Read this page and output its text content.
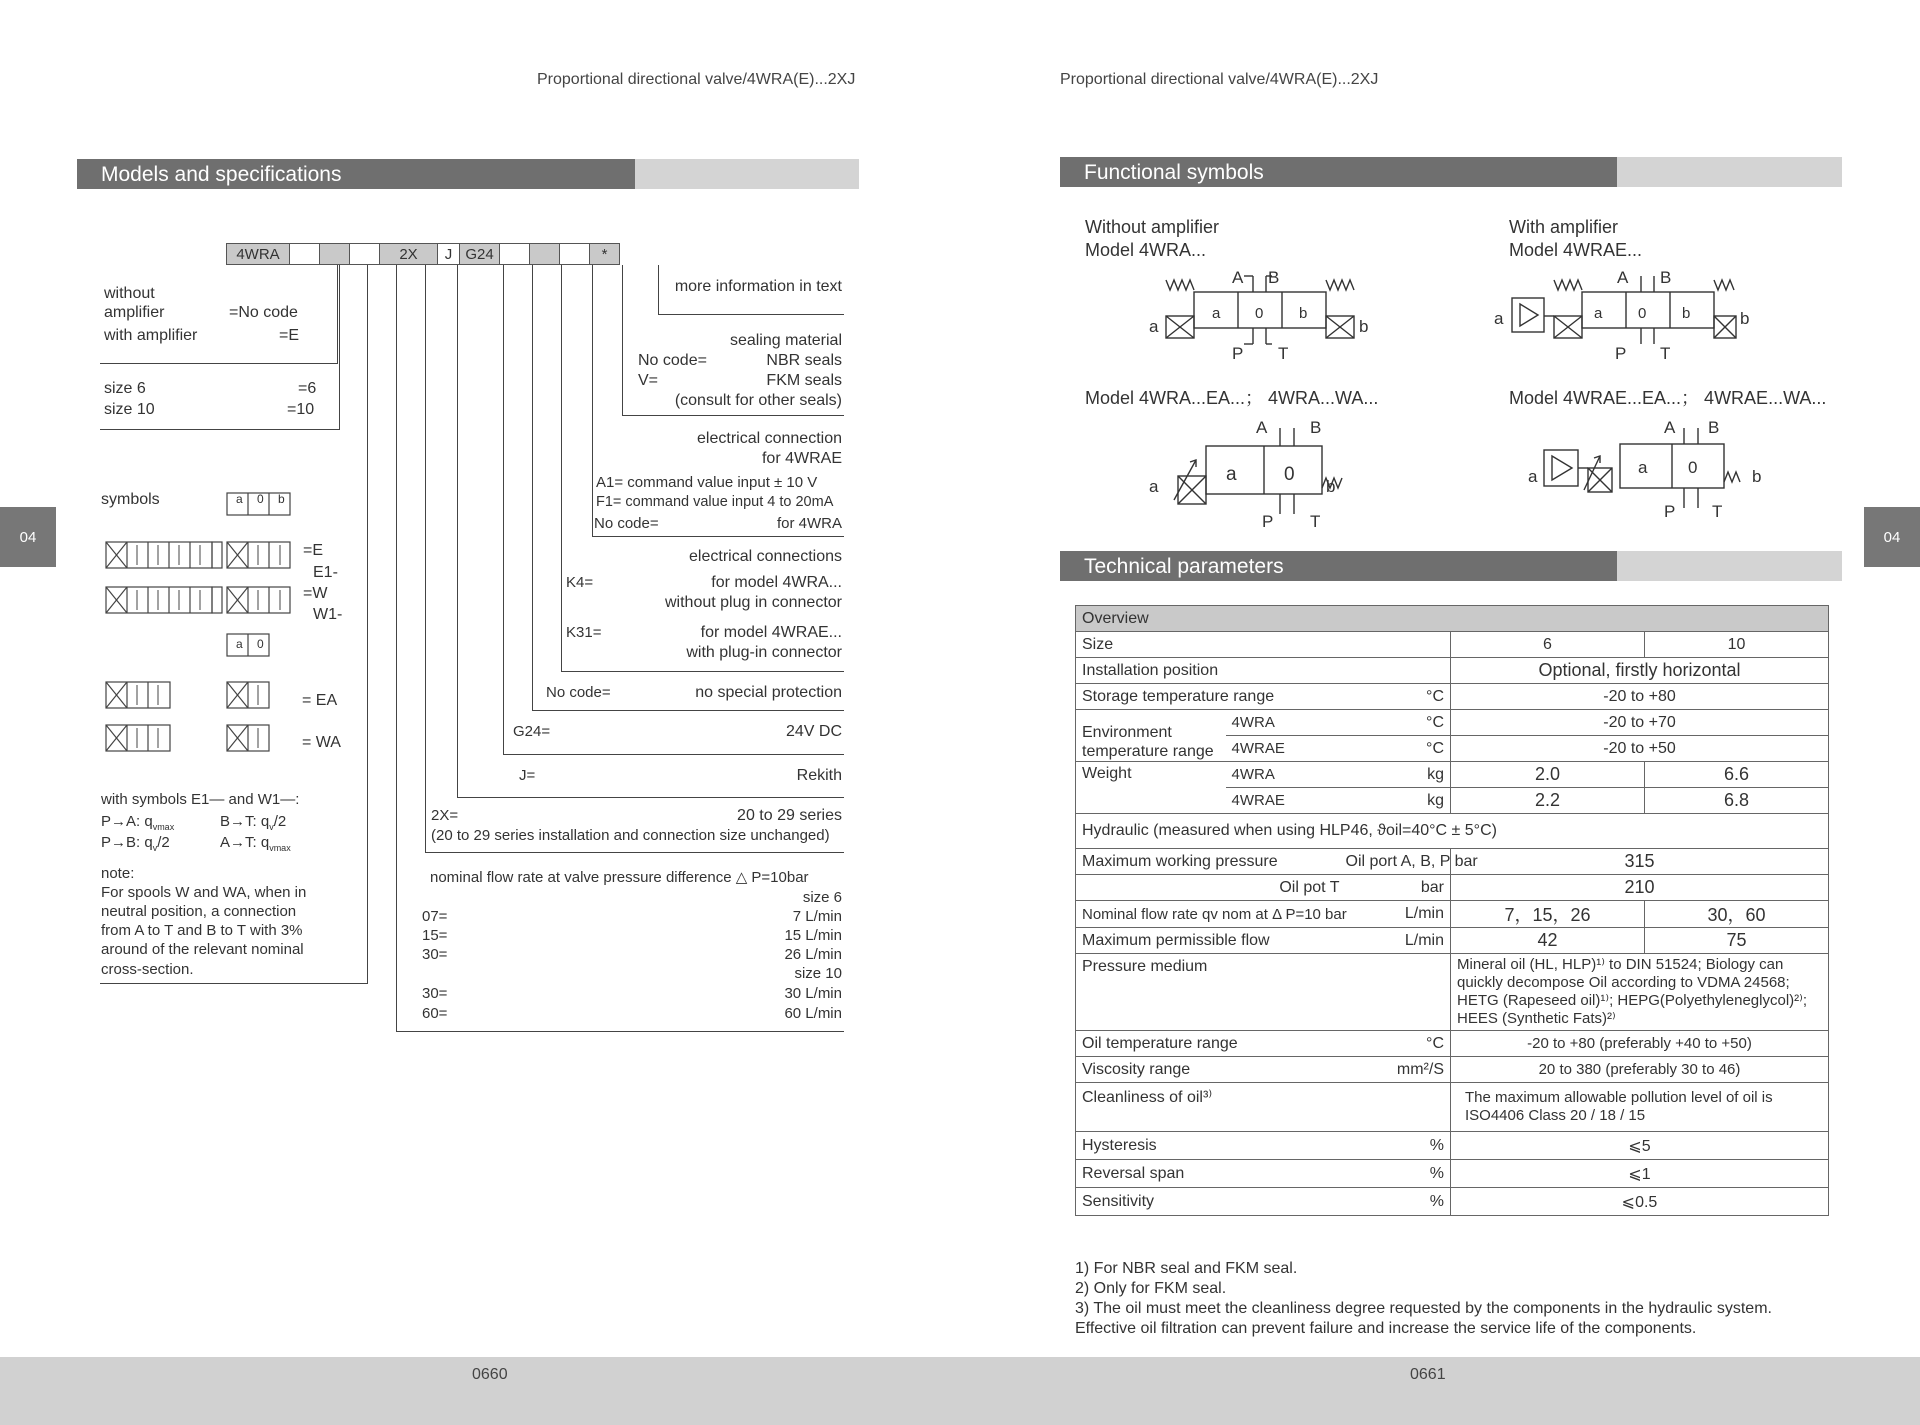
Proportional directional valve/4WRA(E)...2XJ	Proportional directional valve/4WRA(E)...2XJ
04	04
Models and specifications
4WRA	2X	J G24	*
without
amplifier	=No code
with amplifier	=E
size 6	=6
size 10	=10
symbols	a 0 b
a 0
=E
E1-
=W
W1-
= EA
= WA
with symbols E1— and W1—:
P→A: $q_{vmax}$	B→T: $q_v/2$
P→B: $q_v/2$	A→T: $q_{vmax}$
note:
For spools W and WA, when in
neutral position, a connection
from A to T and B to T with 3%
around of the relevant nominal
cross-section.
more information in text
sealing material
No code=	NBR seals
V=	FKM seals
(consult for other seals)
electrical connection
for 4WRAE
A1= command value input ± 10 V
F1= command value input 4 to 20mA
No code=	for 4WRA
electrical connections
K4=	for model 4WRA...
without plug in connector
K31=	for model 4WRAE...
with plug-in connector
No code=	no special protection
G24=	24V DC
J=	Rekith
2X=	20 to 29 series
(20 to 29 series installation and connection size unchanged)
nominal flow rate at valve pressure difference △ P=10bar
size 6
07=	7 L/min
15=	15 L/min
30=	26 L/min
size 10
30=	30 L/min
60=	60 L/min
Functional symbols
Without amplifier
Model 4WRA...
With amplifier
Model 4WRAE...
a	b
a 0 b
A B
P T
a	b
a 0 b
A B
P T
Model 4WRA...EA...； 4WRA...WA...	Model 4WRAE...EA...； 4WRAE...WA...
a	b
a 0
A	B
P T
a	b
a 0
A B
P T
Technical parameters
Overview				
Size			6	10
Installation position			Optional, firstly horizontal	
Storage temperature range		°C	-20 to +80	
Environment
temperature range	4WRA	°C	-20 to +70	
	4WRAE	°C	-20 to +50	
Weight	4WRA	kg	2.0	6.6
	4WRAE	kg	2.2	6.8
Hydraulic (measured when using HLP46, ϑoil=40°C ± 5°C)				
Maximum working pressure		Oil port A, B, P bar	315	
	Oil pot T	bar	210	
Nominal flow rate qv nom at Δ P=10 bar		L/min	7，15，26	30，60
Maximum permissible flow		L/min	42	75
Pressure medium			Mineral oil (HL, HLP)¹⁾ to DIN 51524; Biology can
quickly decompose Oil according to VDMA 24568;
HETG (Rapeseed oil)¹⁾; HEPG(Polyethyleneglycol)²⁾;
HEES (Synthetic Fats)²⁾	

Oil temperature range		°C	-20 to +80 (preferably +40 to +50)	
Viscosity range		mm²/S	20 to 380 (preferably 30 to 46)	
Cleanliness of oil³⁾			The maximum allowable pollution level of oil is
ISO4406 Class 20 / 18 / 15	

Hysteresis		%	⩽5	
Reversal span		%	⩽1	
Sensitivity		%	⩽0.5	
1) For NBR seal and FKM seal.
2) Only for FKM seal.
3) The oil must meet the cleanliness degree requested by the components in the hydraulic system.
Effective oil filtration can prevent failure and increase the service life of the components.
0660	0661
